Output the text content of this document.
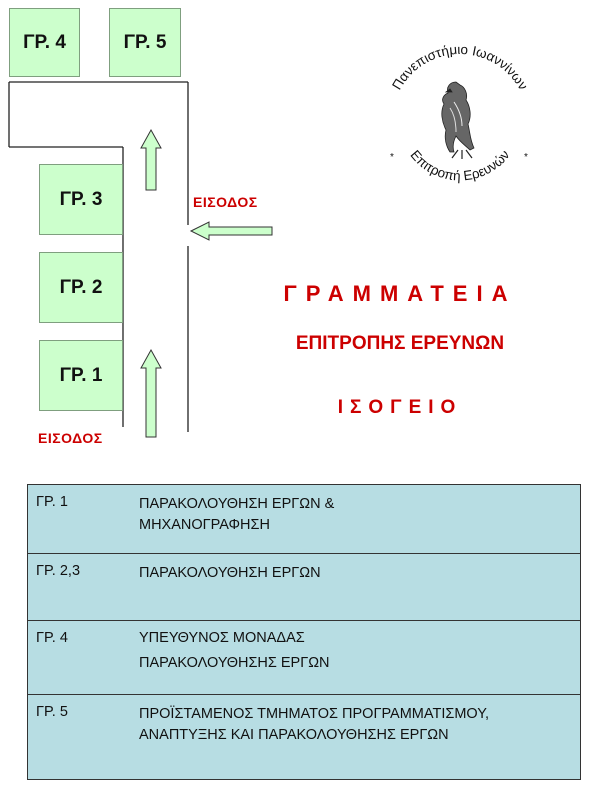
ΓΡ. 4	ΓΡ. 5
ΓΡ. 3
ΓΡ. 2
ΓΡ. 1
ΕΙΣΟΔΟΣ
ΕΙΣΟΔΟΣ
Πανεπιστήμιο Ιωαννίνων
Επιτροπή Ερευνών
*	*
ΓΡΑΜΜΑΤΕΙΑ
ΕΠΙΤΡΟΠΗΣ ΕΡΕΥΝΩΝ
ΙΣΟΓΕΙΟ
ΓΡ. 1	ΠΑΡΑΚΟΛΟΥΘΗΣΗ ΕΡΓΩΝ & ΜΗΧΑΝΟΓΡΑΦΗΣΗ
ΓΡ. 2,3	ΠΑΡΑΚΟΛΟΥΘΗΣΗ ΕΡΓΩΝ
ΓΡ. 4	ΥΠΕΥΘΥΝΟΣ ΜΟΝΑΔΑΣ ΠΑΡΑΚΟΛΟΥΘΗΣΗΣ ΕΡΓΩΝ
ΓΡ. 5	ΠΡΟΪΣΤΑΜΕΝΟΣ ΤΜΗΜΑΤΟΣ ΠΡΟΓΡΑΜΜΑΤΙΣΜΟΥ, ΑΝΑΠΤΥΞΗΣ ΚΑΙ ΠΑΡΑΚΟΛΟΥΘΗΣΗΣ ΕΡΓΩΝ
